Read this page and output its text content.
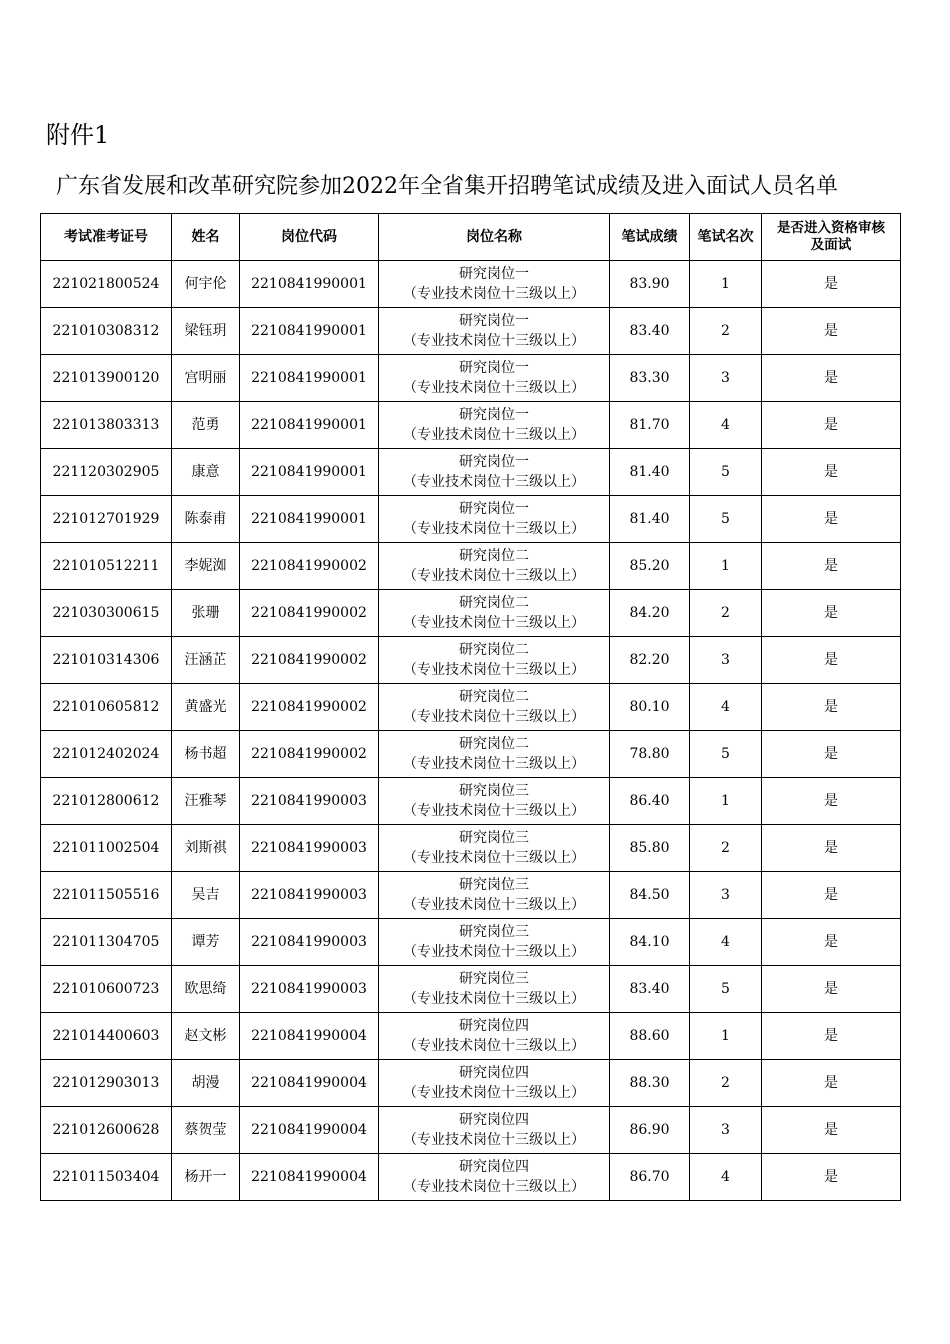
附件1
广东省发展和改革研究院参加2022年全省集开招聘笔试成绩及进入面试人员名单
考试准考证号	姓名	岗位代码	岗位名称	笔试成绩	笔试名次	是否进入资格审核
及面试

221021800524	何宇伦	2210841990001	研究岗位一
（专业技术岗位十三级以上）	83.90	1	是
221010308312	梁钰玥	2210841990001	研究岗位一
（专业技术岗位十三级以上）	83.40	2	是
221013900120	宫明丽	2210841990001	研究岗位一
（专业技术岗位十三级以上）	83.30	3	是
221013803313	范勇	2210841990001	研究岗位一
（专业技术岗位十三级以上）	81.70	4	是
221120302905	康意	2210841990001	研究岗位一
（专业技术岗位十三级以上）	81.40	5	是
221012701929	陈泰甫	2210841990001	研究岗位一
（专业技术岗位十三级以上）	81.40	5	是
221010512211	李妮洳	2210841990002	研究岗位二
（专业技术岗位十三级以上）	85.20	1	是
221030300615	张珊	2210841990002	研究岗位二
（专业技术岗位十三级以上）	84.20	2	是
221010314306	汪涵芷	2210841990002	研究岗位二
（专业技术岗位十三级以上）	82.20	3	是
221010605812	黄盛光	2210841990002	研究岗位二
（专业技术岗位十三级以上）	80.10	4	是
221012402024	杨书超	2210841990002	研究岗位二
（专业技术岗位十三级以上）	78.80	5	是
221012800612	汪雅琴	2210841990003	研究岗位三
（专业技术岗位十三级以上）	86.40	1	是
221011002504	刘斯祺	2210841990003	研究岗位三
（专业技术岗位十三级以上）	85.80	2	是
221011505516	吴吉	2210841990003	研究岗位三
（专业技术岗位十三级以上）	84.50	3	是
221011304705	谭芳	2210841990003	研究岗位三
（专业技术岗位十三级以上）	84.10	4	是
221010600723	欧思绮	2210841990003	研究岗位三
（专业技术岗位十三级以上）	83.40	5	是
221014400603	赵文彬	2210841990004	研究岗位四
（专业技术岗位十三级以上）	88.60	1	是
221012903013	胡漫	2210841990004	研究岗位四
（专业技术岗位十三级以上）	88.30	2	是
221012600628	蔡贺莹	2210841990004	研究岗位四
（专业技术岗位十三级以上）	86.90	3	是
221011503404	杨开一	2210841990004	研究岗位四
（专业技术岗位十三级以上）	86.70	4	是
